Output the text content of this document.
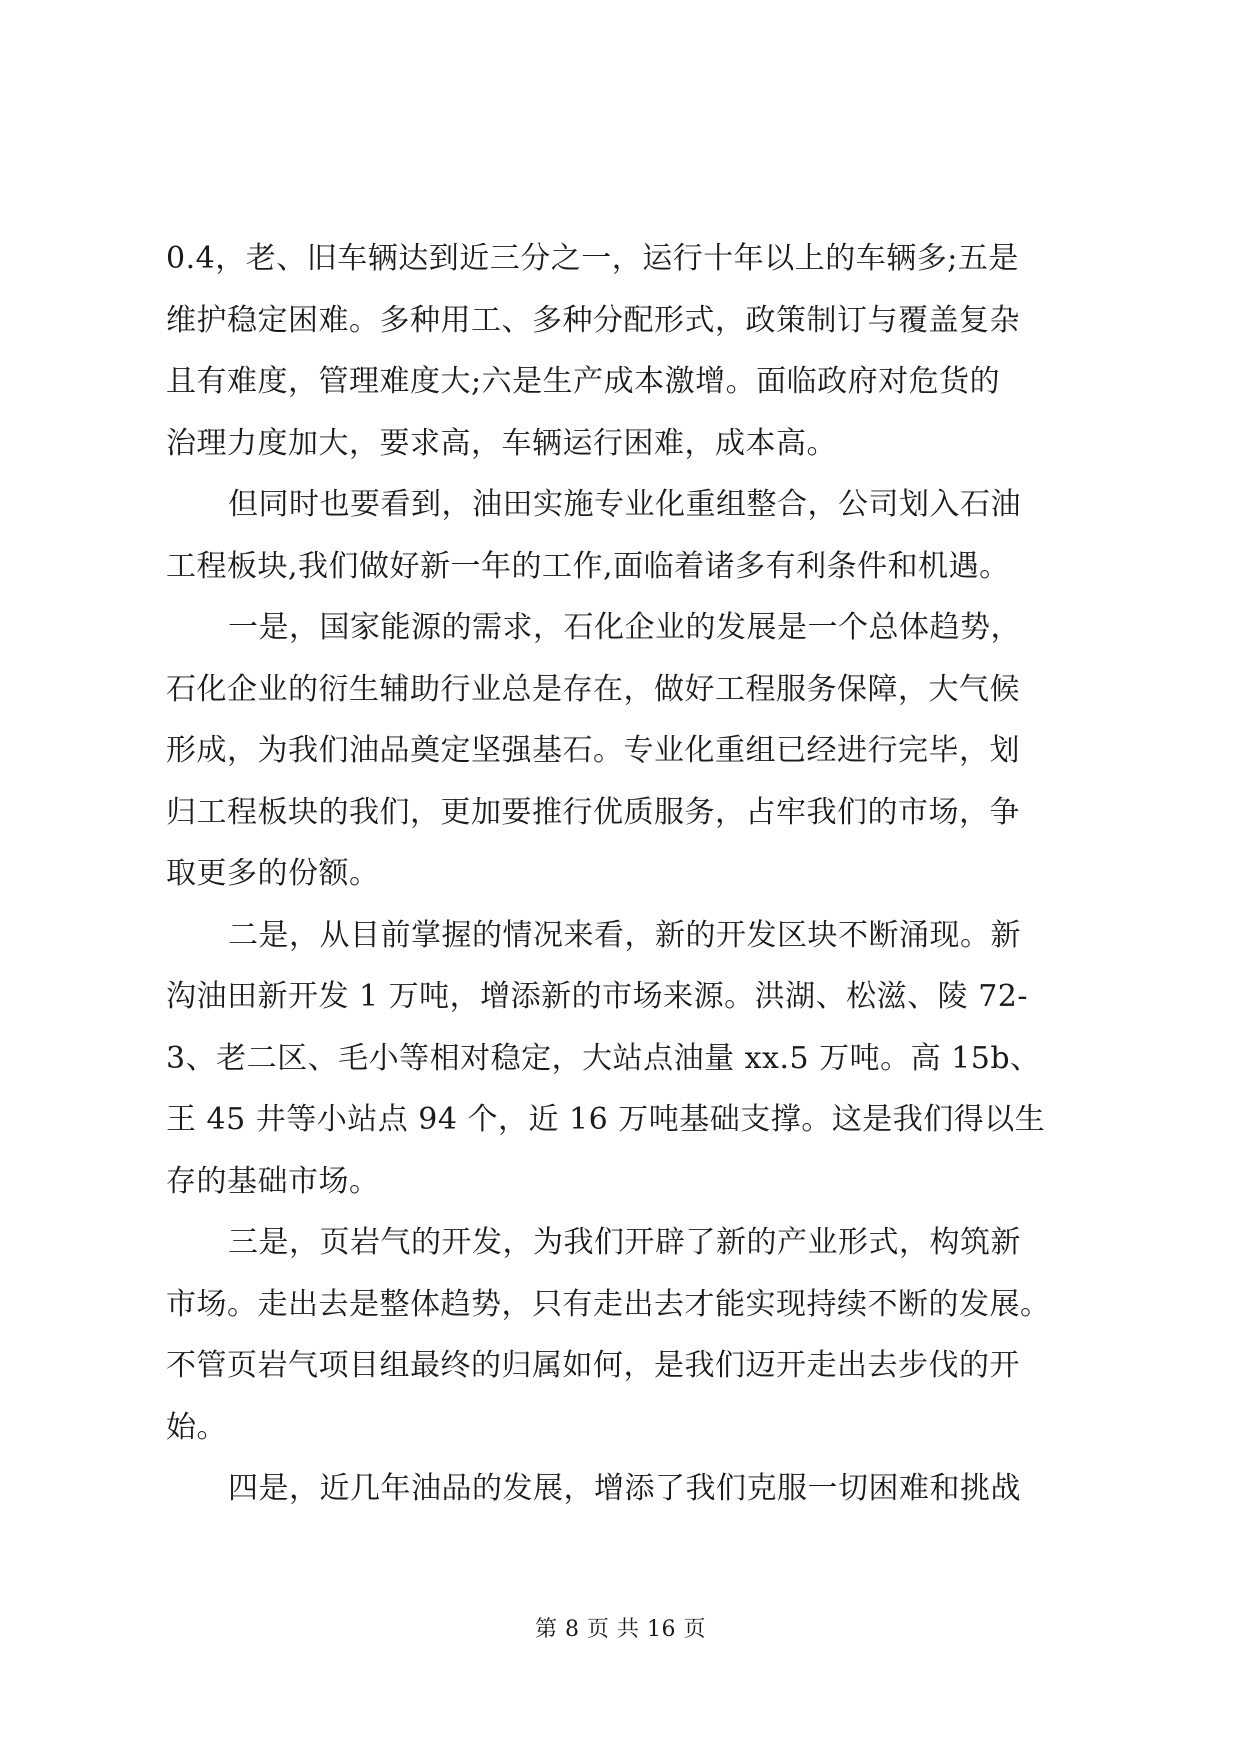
0.4，老、旧车辆达到近三分之一，运行十年以上的车辆多;五是
维护稳定困难。多种用工、多种分配形式，政策制订与覆盖复杂
且有难度，管理难度大;六是生产成本激增。面临政府对危货的
治理力度加大，要求高，车辆运行困难，成本高。
但同时也要看到，油田实施专业化重组整合，公司划入石油
工程板块,我们做好新一年的工作,面临着诸多有利条件和机遇。
一是，国家能源的需求，石化企业的发展是一个总体趋势，
石化企业的衍生辅助行业总是存在，做好工程服务保障，大气候
形成，为我们油品奠定坚强基石。专业化重组已经进行完毕，划
归工程板块的我们，更加要推行优质服务，占牢我们的市场，争
取更多的份额。
二是，从目前掌握的情况来看，新的开发区块不断涌现。新
沟油田新开发 1 万吨，增添新的市场来源。洪湖、松滋、陵 72-
3、老二区、毛小等相对稳定，大站点油量 xx.5 万吨。高 15b、
王 45 井等小站点 94 个，近 16 万吨基础支撑。这是我们得以生
存的基础市场。
三是，页岩气的开发，为我们开辟了新的产业形式，构筑新
市场。走出去是整体趋势，只有走出去才能实现持续不断的发展。
不管页岩气项目组最终的归属如何，是我们迈开走出去步伐的开
始。
四是，近几年油品的发展，增添了我们克服一切困难和挑战
第 8 页 共 16 页
